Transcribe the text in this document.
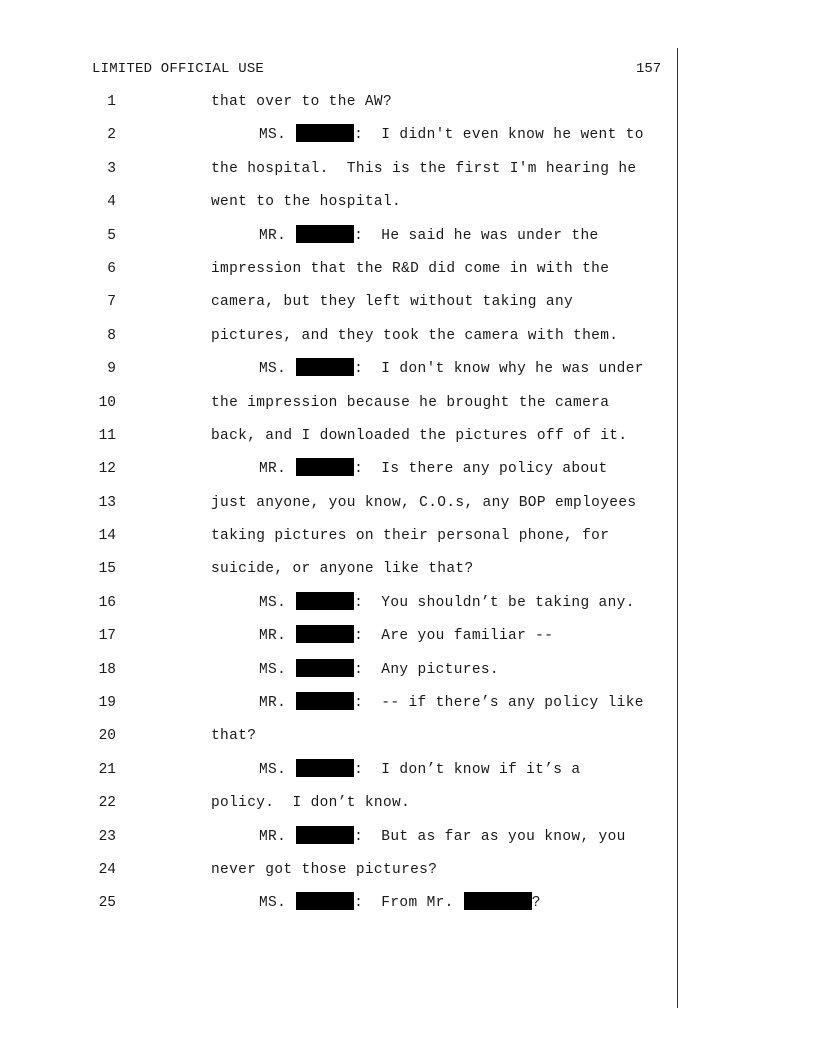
LIMITED OFFICIAL USE	157

1

	that over to the AW?

2

	MS.	:  I didn't even know he went to

3

	the hospital.  This is the first I'm hearing he

4

	went to the hospital.

5

	MR.	:  He said he was under the

6

	impression that the R&D did come in with the

7

	camera, but they left without taking any

8

	pictures, and they took the camera with them.

9

	MS.	:  I don't know why he was under

10

	the impression because he brought the camera

11

	back, and I downloaded the pictures off of it.

12

	MR.	:  Is there any policy about

13

	just anyone, you know, C.O.s, any BOP employees

14

	taking pictures on their personal phone, for

15

	suicide, or anyone like that?

16

	MS.	:  You shouldn’t be taking any.

17

	MR.	:  Are you familiar --

18

	MS.	:  Any pictures.

19

	MR.	:  -- if there’s any policy like

20

	that?

21

	MS.	:  I don’t know if it’s a

22

	policy.  I don’t know.

23

	MR.	:  But as far as you know, you

24

	never got those pictures?

25

	MS.	:  From Mr.	?
